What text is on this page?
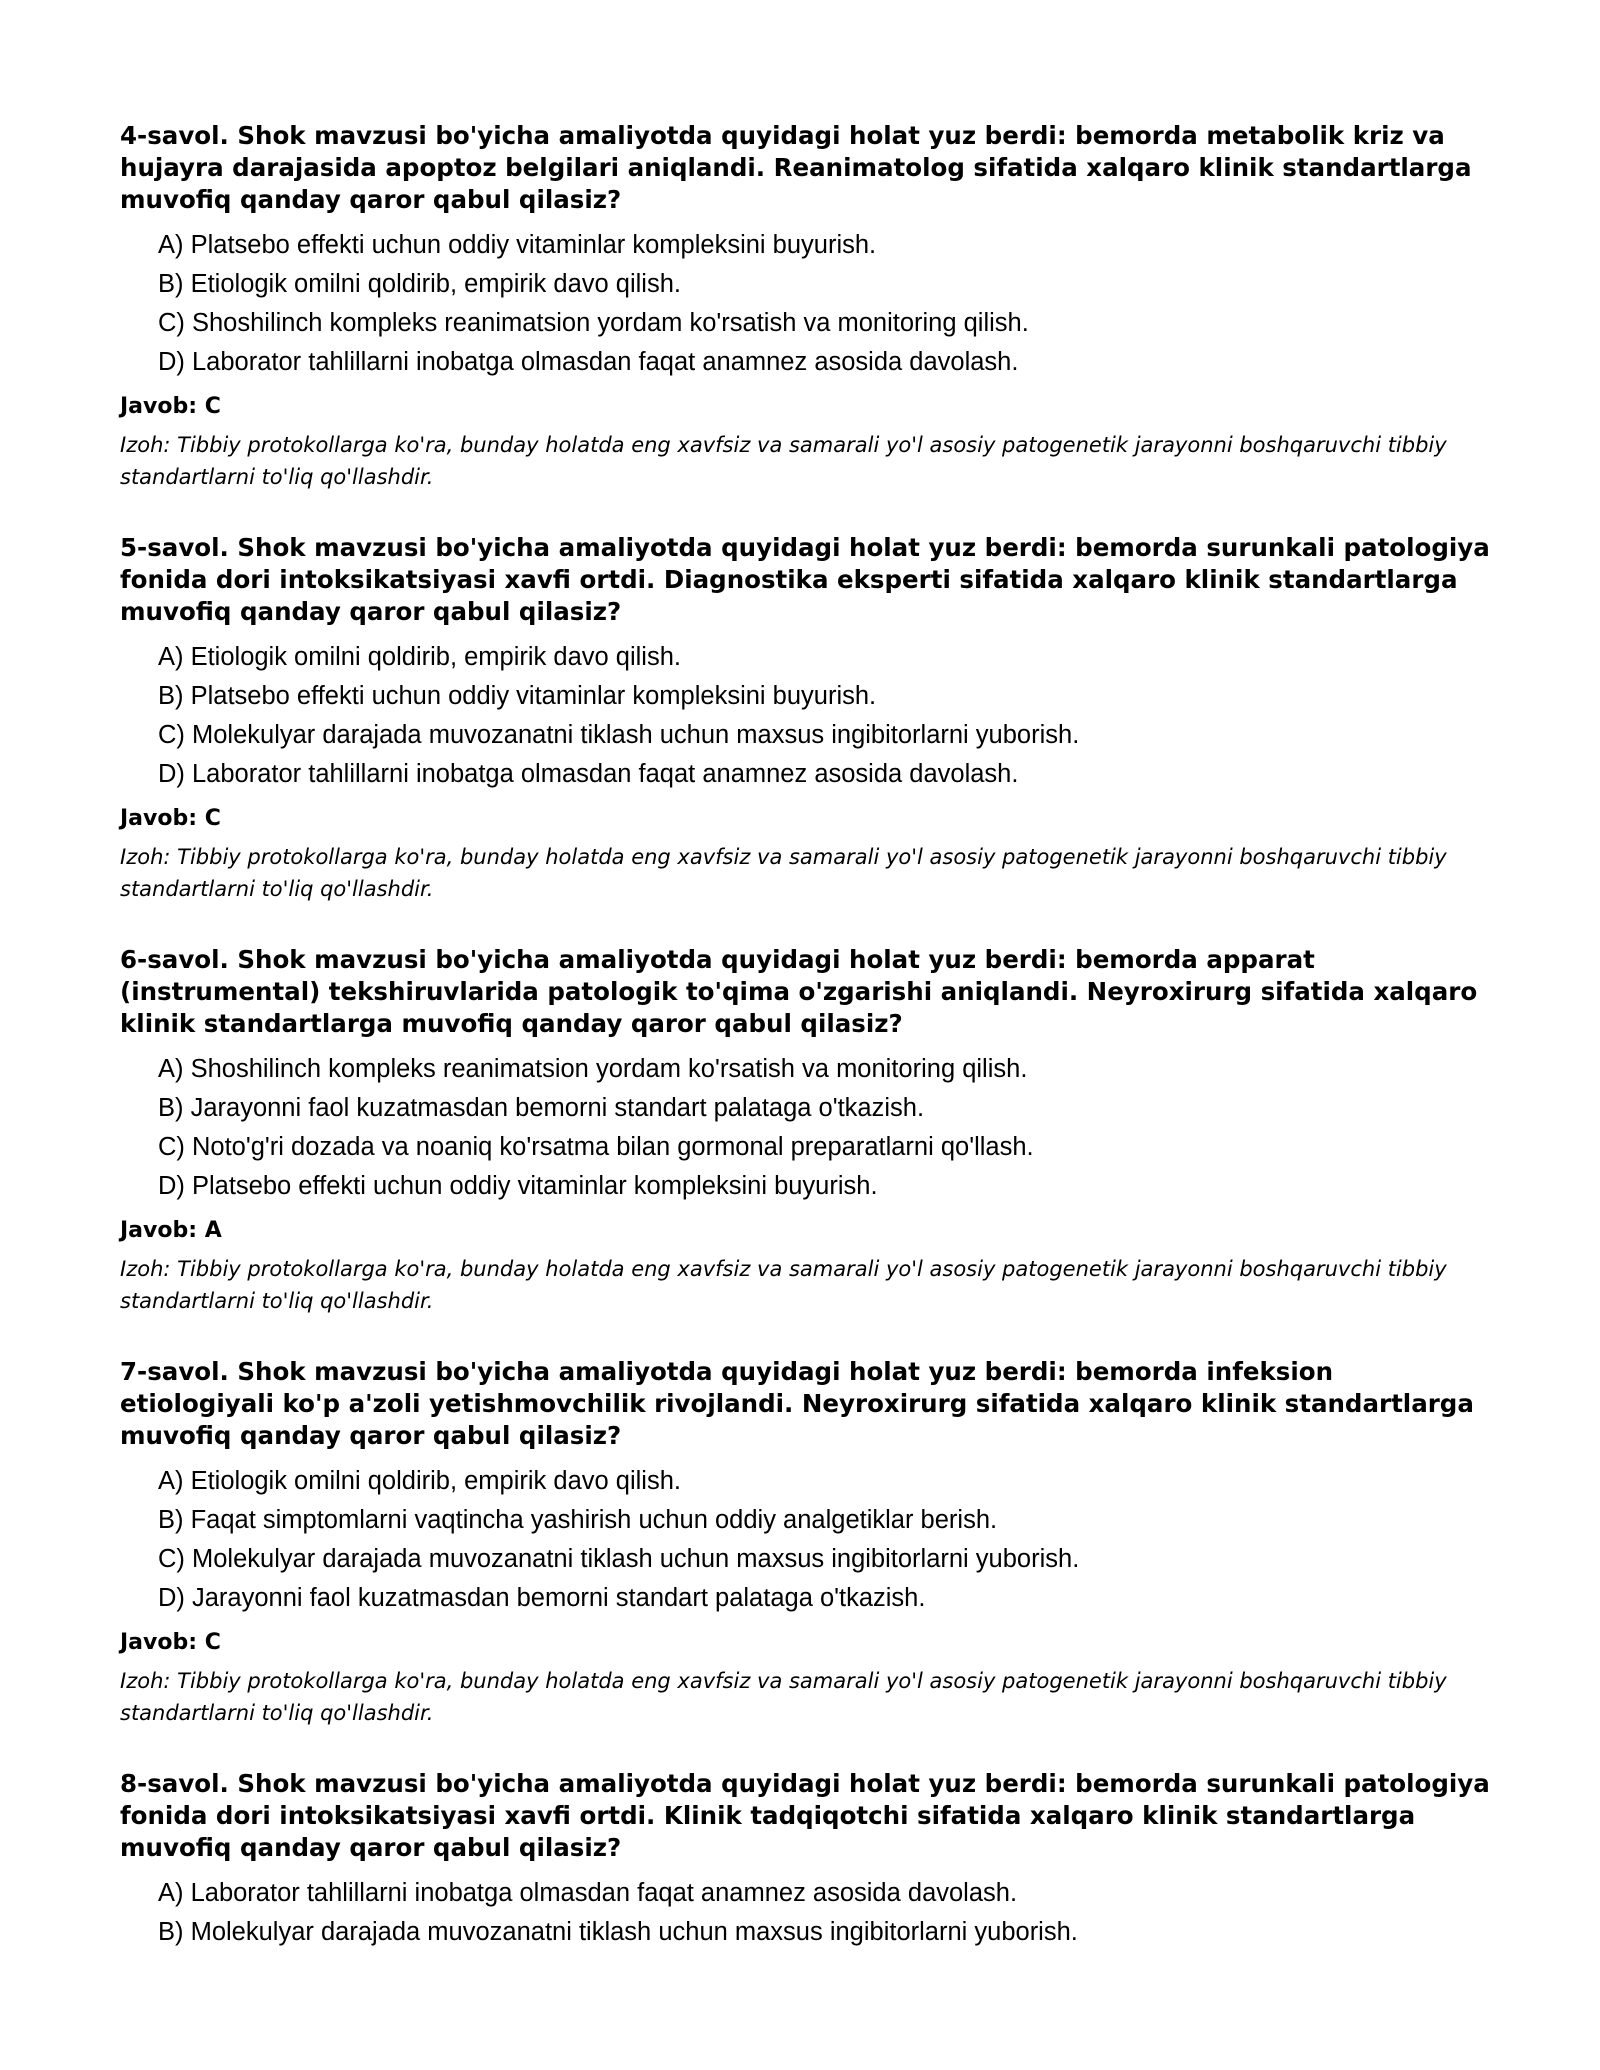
4-savol. Shok mavzusi bo'yicha amaliyotda quyidagi holat yuz berdi: bemorda metabolik kriz va hujayra darajasida apoptoz belgilari aniqlandi. Reanimatolog sifatida xalqaro klinik standartlarga muvofiq qanday qaror qabul qilasiz?

A) Platsebo effekti uchun oddiy vitaminlar kompleksini buyurish.
B) Etiologik omilni qoldirib, empirik davo qilish.
C) Shoshilinch kompleks reanimatsion yordam ko'rsatish va monitoring qilish.
D) Laborator tahlillarni inobatga olmasdan faqat anamnez asosida davolash.

Javob: C

Izoh: Tibbiy protokollarga ko'ra, bunday holatda eng xavfsiz va samarali yo'l asosiy patogenetik jarayonni boshqaruvchi tibbiy standartlarni to'liq qo'llashdir.

5-savol. Shok mavzusi bo'yicha amaliyotda quyidagi holat yuz berdi: bemorda surunkali patologiya fonida dori intoksikatsiyasi xavfi ortdi. Diagnostika eksperti sifatida xalqaro klinik standartlarga muvofiq qanday qaror qabul qilasiz?

A) Etiologik omilni qoldirib, empirik davo qilish.
B) Platsebo effekti uchun oddiy vitaminlar kompleksini buyurish.
C) Molekulyar darajada muvozanatni tiklash uchun maxsus ingibitorlarni yuborish.
D) Laborator tahlillarni inobatga olmasdan faqat anamnez asosida davolash.

Javob: C

Izoh: Tibbiy protokollarga ko'ra, bunday holatda eng xavfsiz va samarali yo'l asosiy patogenetik jarayonni boshqaruvchi tibbiy standartlarni to'liq qo'llashdir.

6-savol. Shok mavzusi bo'yicha amaliyotda quyidagi holat yuz berdi: bemorda apparat (instrumental) tekshiruvlarida patologik to'qima o'zgarishi aniqlandi. Neyroxirurg sifatida xalqaro klinik standartlarga muvofiq qanday qaror qabul qilasiz?

A) Shoshilinch kompleks reanimatsion yordam ko'rsatish va monitoring qilish.
B) Jarayonni faol kuzatmasdan bemorni standart palataga o'tkazish.
C) Noto'g'ri dozada va noaniq ko'rsatma bilan gormonal preparatlarni qo'llash.
D) Platsebo effekti uchun oddiy vitaminlar kompleksini buyurish.

Javob: A

Izoh: Tibbiy protokollarga ko'ra, bunday holatda eng xavfsiz va samarali yo'l asosiy patogenetik jarayonni boshqaruvchi tibbiy standartlarni to'liq qo'llashdir.

7-savol. Shok mavzusi bo'yicha amaliyotda quyidagi holat yuz berdi: bemorda infeksion etiologiyali ko'p a'zoli yetishmovchilik rivojlandi. Neyroxirurg sifatida xalqaro klinik standartlarga muvofiq qanday qaror qabul qilasiz?

A) Etiologik omilni qoldirib, empirik davo qilish.
B) Faqat simptomlarni vaqtincha yashirish uchun oddiy analgetiklar berish.
C) Molekulyar darajada muvozanatni tiklash uchun maxsus ingibitorlarni yuborish.
D) Jarayonni faol kuzatmasdan bemorni standart palataga o'tkazish.

Javob: C

Izoh: Tibbiy protokollarga ko'ra, bunday holatda eng xavfsiz va samarali yo'l asosiy patogenetik jarayonni boshqaruvchi tibbiy standartlarni to'liq qo'llashdir.

8-savol. Shok mavzusi bo'yicha amaliyotda quyidagi holat yuz berdi: bemorda surunkali patologiya fonida dori intoksikatsiyasi xavfi ortdi. Klinik tadqiqotchi sifatida xalqaro klinik standartlarga muvofiq qanday qaror qabul qilasiz?

A) Laborator tahlillarni inobatga olmasdan faqat anamnez asosida davolash.
B) Molekulyar darajada muvozanatni tiklash uchun maxsus ingibitorlarni yuborish.
